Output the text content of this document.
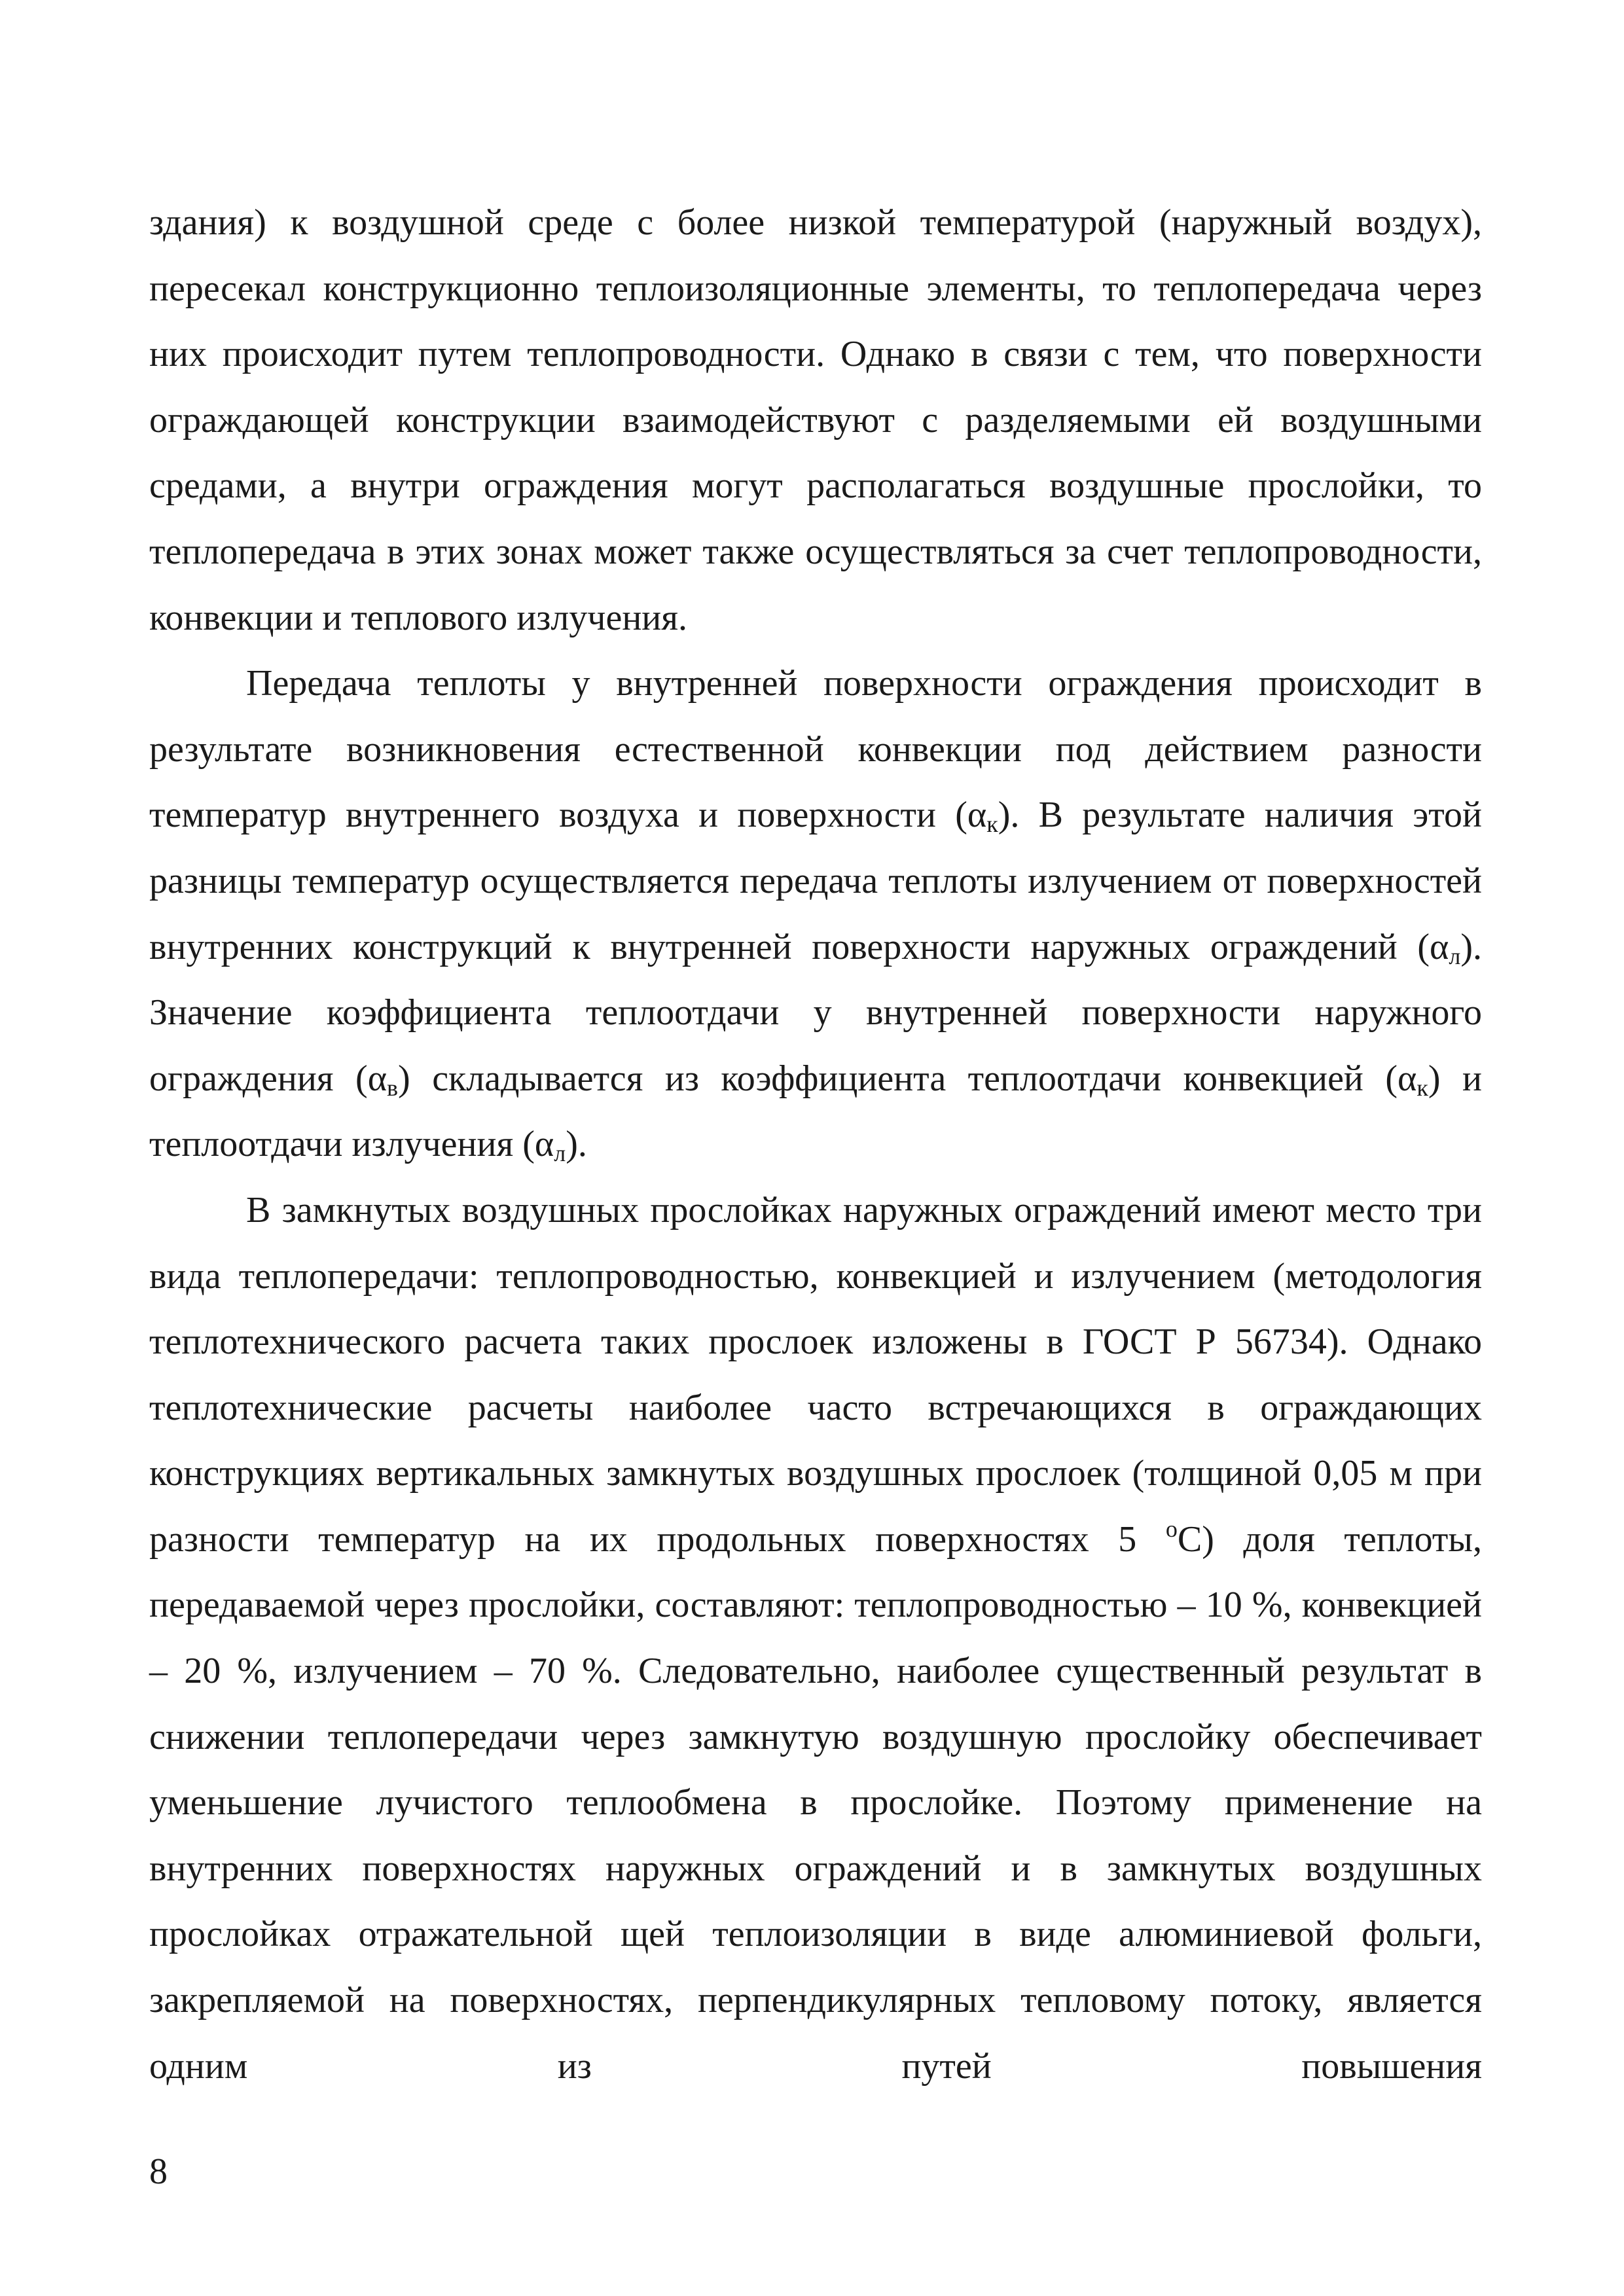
здания) к воздушной среде с более низкой температурой (наружный воздух), пересекал конструкционно теплоизоляционные элементы, то теплопередача через них происходит путем теплопроводности. Однако в связи с тем, что поверхности ограждающей конструкции взаимодействуют с разделяемыми ей воздушными средами, а внутри ограждения могут располагаться воздушные прослойки, то теплопередача в этих зонах может также осуществляться за счет теплопроводности, конвекции и теплового излучения.

Передача теплоты у внутренней поверхности ограждения происходит в результате возникновения естественной конвекции под действием разности температур внутреннего воздуха и поверхности $(\alpha_к)$. В результате наличия этой разницы температур осуществляется передача теплоты излучением от поверхностей внутренних конструкций к внутренней поверхности наружных ограждений $(\alpha_л)$. Значение коэффициента теплоотдачи у внутренней поверхности наружного ограждения $(\alpha_в)$ складывается из коэффициента теплоотдачи конвекцией $(\alpha_к)$ и теплоотдачи излучения $(\alpha_л)$.

В замкнутых воздушных прослойках наружных ограждений имеют место три вида теплопередачи: теплопроводностью, конвекцией и излучением (методология теплотехнического расчета таких прослоек изложены в ГОСТ Р 56734). Однако теплотехнические расчеты наиболее часто встречающихся в ограждающих конструкциях вертикальных замкнутых воздушных прослоек (толщиной 0,05 м при разности температур на их продольных поверхностях 5 $^о$С) доля теплоты, передаваемой через прослойки, составляют: теплопроводностью – 10 %, конвекцией – 20 %, излучением – 70 %. Следовательно, наиболее существенный результат в снижении теплопередачи через замкнутую воздушную прослойку обеспечивает уменьшение лучистого теплообмена в прослойке. Поэтому применение на внутренних поверхностях наружных ограждений и в замкнутых воздушных прослойках отражательной щей теплоизоляции в виде алюминиевой фольги, закрепляемой на поверхностях, перпендикулярных тепловому потоку, является одним из путей повышения

8
